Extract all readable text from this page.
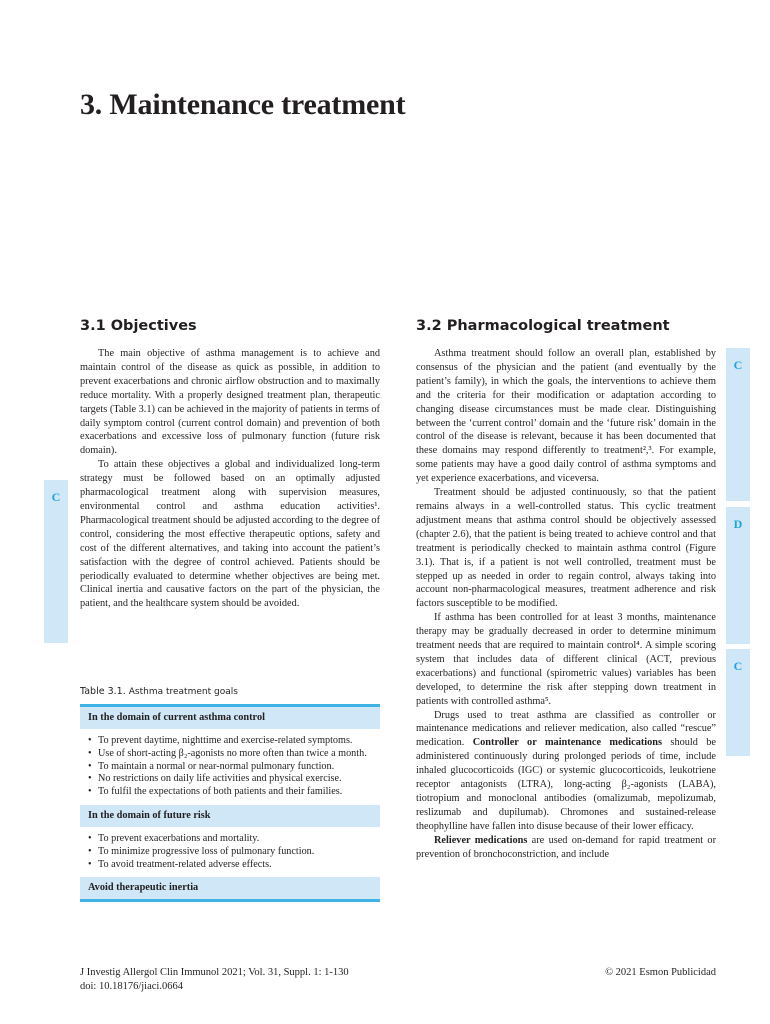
3. Maintenance treatment
3.1 Objectives

The main objective of asthma management is to achieve and maintain control of the disease as quick as possible, in addition to prevent exacerbations and chronic airflow obstruction and to maximally reduce mortality. With a properly designed treatment plan, therapeutic targets (Table 3.1) can be achieved in the majority of patients in terms of daily symptom control (current control domain) and prevention of both exacerbations and excessive loss of pulmonary function (future risk domain).

To attain these objectives a global and individualized long-term strategy must be followed based on an optimally adjusted pharmacological treatment along with supervision measures, environmental control and asthma education activities¹. Pharmacological treatment should be adjusted according to the degree of control, considering the most effective therapeutic options, safety and cost of the different alternatives, and taking into account the patient’s satisfaction with the degree of control achieved. Patients should be periodically evaluated to determine whether objectives are being met. Clinical inertia and causative factors on the part of the physician, the patient, and the healthcare system should be avoided.

3.2 Pharmacological treatment

Asthma treatment should follow an overall plan, established by consensus of the physician and the patient (and eventually by the patient’s family), in which the goals, the interventions to achieve them and the criteria for their modification or adaptation according to changing disease circumstances must be made clear. Distinguishing between the ‘current control’ domain and the ‘future risk’ domain in the control of the disease is relevant, because it has been documented that these domains may respond differently to treatment²,³. For example, some patients may have a good daily control of asthma symptoms and yet experience exacerbations, and viceversa.

Treatment should be adjusted continuously, so that the patient remains always in a well-controlled status. This cyclic treatment adjustment means that asthma control should be objectively assessed (chapter 2.6), that the patient is being treated to achieve control and that treatment is periodically checked to maintain asthma control (Figure 3.1). That is, if a patient is not well controlled, treatment must be stepped up as needed in order to regain control, always taking into account non-pharmacological measures, treatment adherence and risk factors susceptible to be modified.

If asthma has been controlled for at least 3 months, maintenance therapy may be gradually decreased in order to determine minimum treatment needs that are required to maintain control⁴. A simple scoring system that includes data of different clinical (ACT, previous exacerbations) and functional (spirometric values) variables has been developed, to determine the risk after stepping down treatment in patients with controlled asthma⁵.

Drugs used to treat asthma are classified as controller or maintenance medications and reliever medication, also called “rescue” medication. Controller or maintenance medications should be administered continuously during prolonged periods of time, include inhaled glucocorticoids (IGC) or systemic glucocorticoids, leukotriene receptor antagonists (LTRA), long-acting β₂-agonists (LABA), tiotropium and monoclonal antibodies (omalizumab, mepolizumab, reslizumab and dupilumab). Chromones and sustained-release theophylline have fallen into disuse because of their lower efficacy.

Reliever medications are used on-demand for rapid treatment or prevention of bronchoconstriction, and include

C
C
D
C
Table 3.1. Asthma treatment goals
In the domain of current asthma control
• To prevent daytime, nighttime and exercise-related symptoms.
• Use of short-acting β₂-agonists no more often than twice a month.
• To maintain a normal or near-normal pulmonary function.
• No restrictions on daily life activities and physical exercise.
• To fulfil the expectations of both patients and their families.
In the domain of future risk
• To prevent exacerbations and mortality.
• To minimize progressive loss of pulmonary function.
• To avoid treatment-related adverse effects.
Avoid therapeutic inertia
J Investig Allergol Clin Immunol 2021; Vol. 31, Suppl. 1: 1-130
doi: 10.18176/jiaci.0664
© 2021 Esmon Publicidad
